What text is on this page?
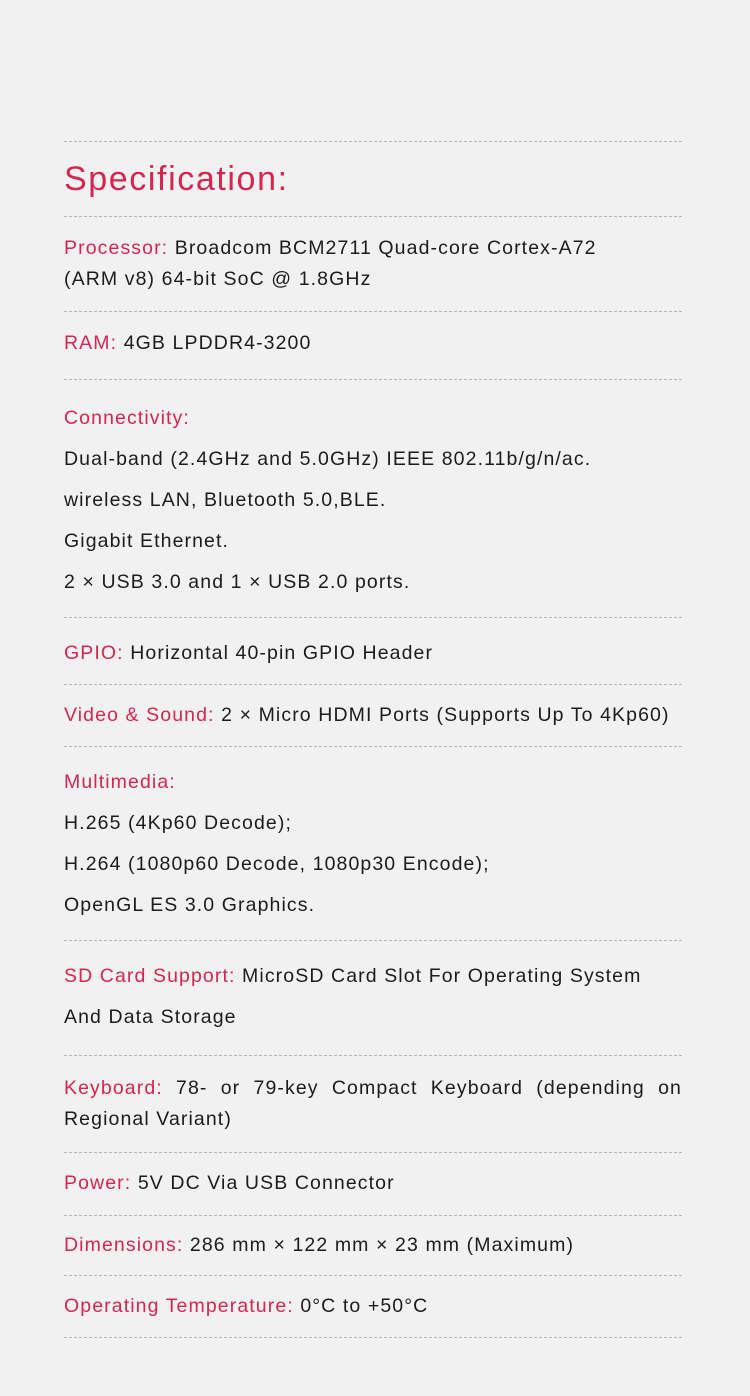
Specification:
Processor: Broadcom BCM2711 Quad-core Cortex-A72
(ARM v8) 64-bit SoC @ 1.8GHz
RAM: 4GB LPDDR4-3200
Connectivity:
Dual-band (2.4GHz and 5.0GHz) IEEE 802.11b/g/n/ac.
wireless LAN, Bluetooth 5.0,BLE.
Gigabit Ethernet.
2 × USB 3.0 and 1 × USB 2.0 ports.
GPIO: Horizontal 40-pin GPIO Header
Video & Sound: 2 × Micro HDMI Ports (Supports Up To 4Kp60)
Multimedia:
H.265 (4Kp60 Decode);
H.264 (1080p60 Decode, 1080p30 Encode);
OpenGL ES 3.0 Graphics.
SD Card Support: MicroSD Card Slot For Operating System
And Data Storage
Keyboard: 78- or 79-key Compact Keyboard (depending on Regional Variant)
Power: 5V DC Via USB Connector
Dimensions: 286 mm × 122 mm × 23 mm (Maximum)
Operating Temperature: 0°C to +50°C
